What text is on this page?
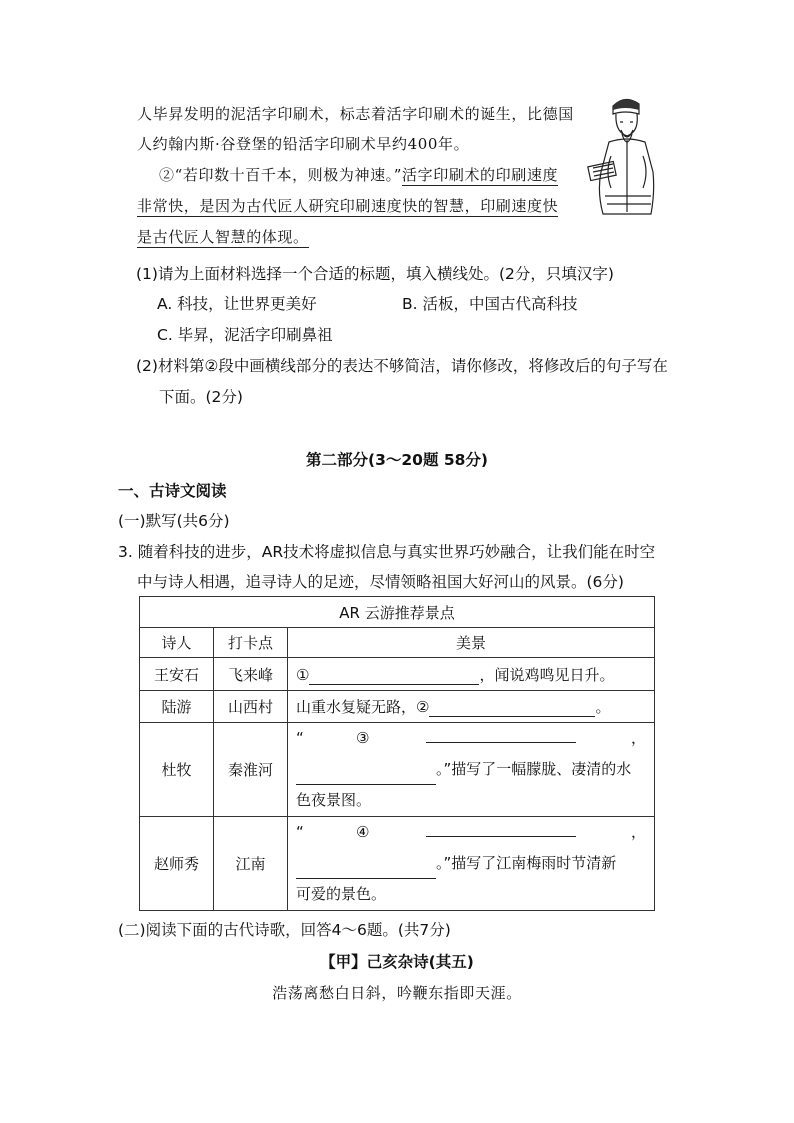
人毕昇发明的泥活字印刷术，标志着活字印刷术的诞生，比德国
人约翰内斯·谷登堡的铅活字印刷术早约400年。
②“若印数十百千本，则极为神速。”活字印刷术的印刷速度
非常快，是因为古代匠人研究印刷速度快的智慧，印刷速度快
是古代匠人智慧的体现。
(1)请为上面材料选择一个合适的标题，填入横线处。(2分，只填汉字)
A. 科技，让世界更美好	B. 活板，中国古代高科技
C. 毕昇，泥活字印刷鼻祖
(2)材料第②段中画横线部分的表达不够简洁，请你修改，将修改后的句子写在
下面。(2分)
第二部分(3～20题 58分)
一、古诗文阅读
(一)默写(共6分)
3. 随着科技的进步，AR技术将虚拟信息与真实世界巧妙融合，让我们能在时空
中与诗人相遇，追寻诗人的足迹，尽情领略祖国大好河山的风景。(6分)
AR 云游推荐景点		
诗人	打卡点	美景
王安石	飞来峰	① ，闻说鸡鸣见日升。
陆游	山西村	山重水复疑无路，② 。
杜牧	秦淮河	“ ③ ，
。”描写了一幅朦胧、凄清的水
色夜景图。

赵师秀	江南	“ ④ ，
。”描写了江南梅雨时节清新
可爱的景色。
(二)阅读下面的古代诗歌，回答4～6题。(共7分)
【甲】己亥杂诗(其五)
浩荡离愁白日斜，吟鞭东指即天涯。
